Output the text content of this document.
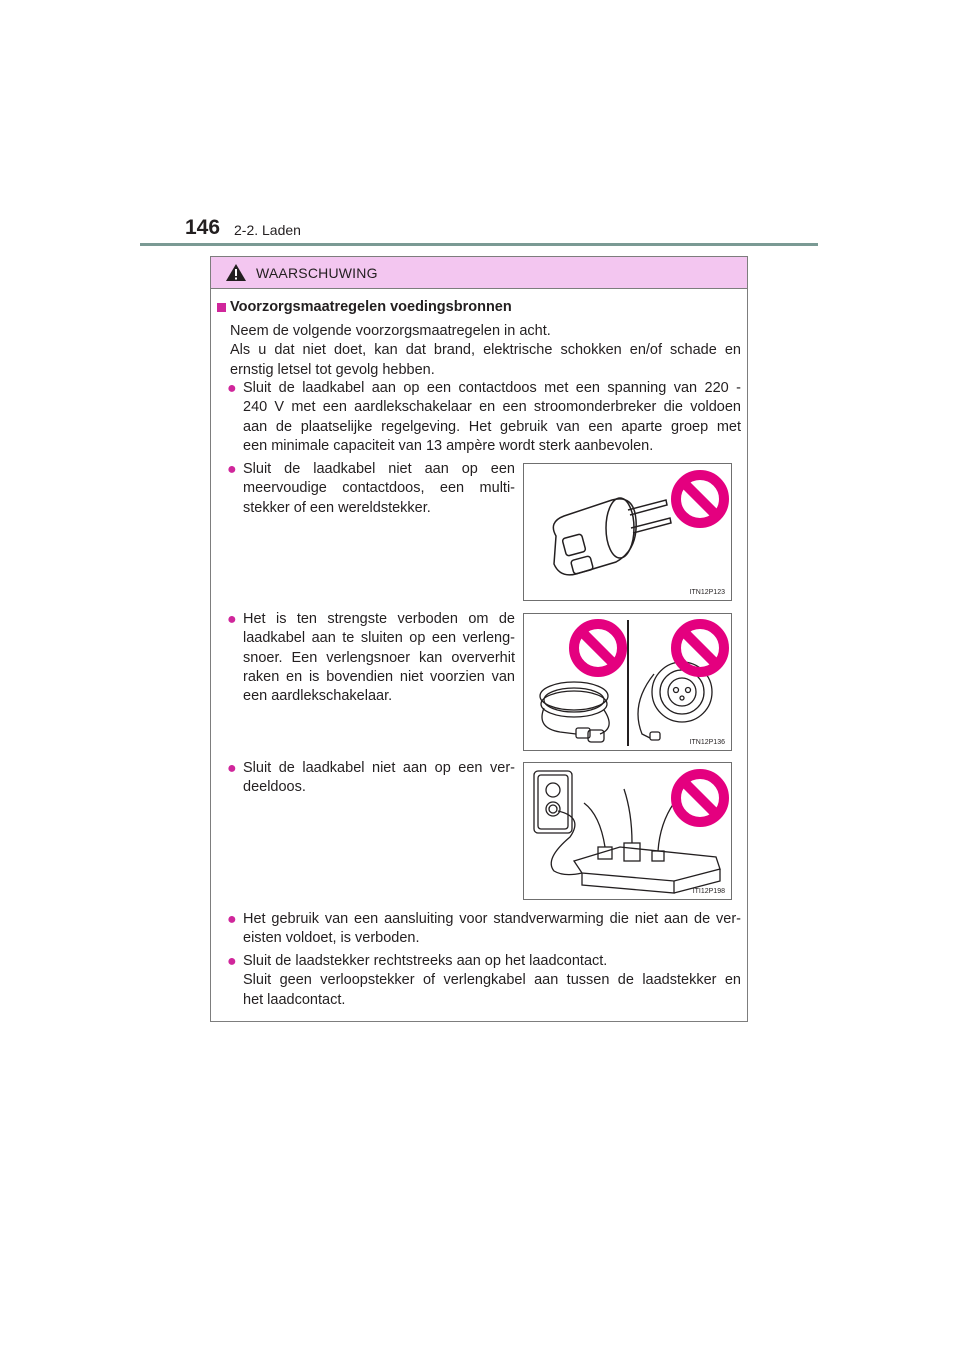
146 2-2. Laden
WAARSCHUWING
Voorzorgsmaatregelen voedingsbronnen
Neem de volgende voorzorgsmaatregelen in acht.
Als u dat niet doet, kan dat brand, elektrische schokken en/of schade en
ernstig letsel tot gevolg hebben.
● Sluit de laadkabel aan op een contactdoos met een spanning van 220 -
240 V met een aardlekschakelaar en een stroomonderbreker die voldoen
aan de plaatselijke regelgeving. Het gebruik van een aparte groep met
een minimale capaciteit van 13 ampère wordt sterk aanbevolen.
● Sluit de laadkabel niet aan op een
meervoudige contactdoos, een multi-
stekker of een wereldstekker.
ITN12P123
● Het is ten strengste verboden om de
laadkabel aan te sluiten op een verleng-
snoer. Een verlengsnoer kan oververhit
raken en is bovendien niet voorzien van
een aardlekschakelaar.
ITN12P136
● Sluit de laadkabel niet aan op een ver-
deeldoos.
ITI12P198
● Het gebruik van een aansluiting voor standverwarming die niet aan de ver-
eisten voldoet, is verboden.
● Sluit de laadstekker rechtstreeks aan op het laadcontact.
Sluit geen verloopstekker of verlengkabel aan tussen de laadstekker en
het laadcontact.
